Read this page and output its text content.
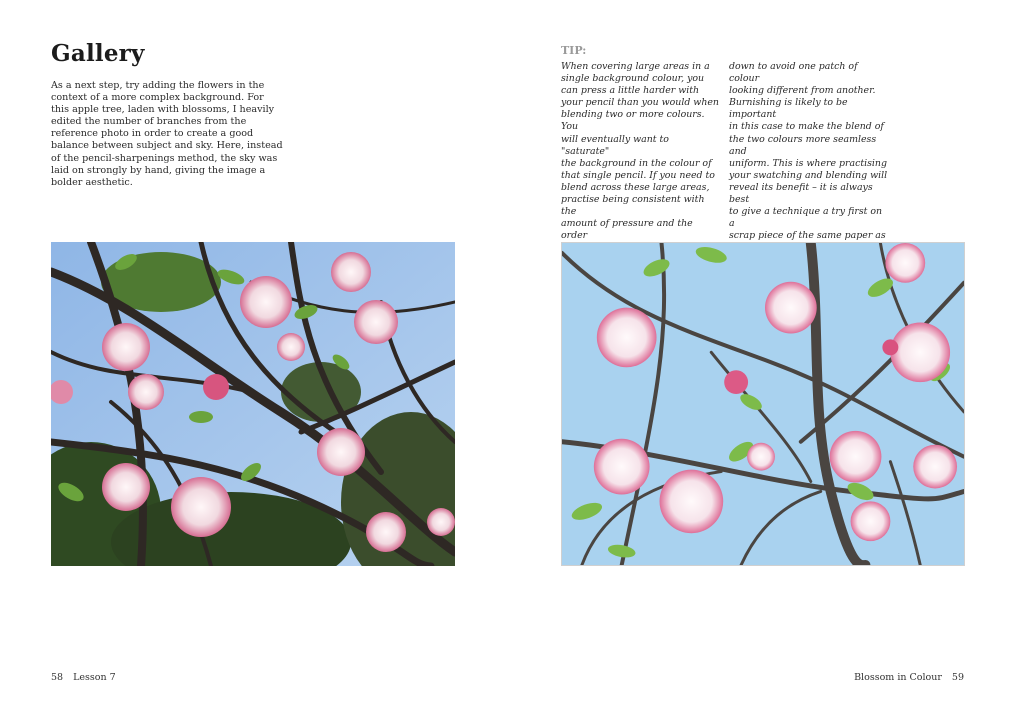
Gallery

As a next step, try adding the flowers in the context of a more complex background. For this apple tree, laden with blossoms, I heavily edited the number of branches from the reference photo in order to create a good balance between subject and sky. Here, instead of the pencil-sharpenings method, the sky was laid on strongly by hand, giving the image a bolder aesthetic.

58 Lesson 7
TIP:

When covering large areas in a
single background colour, you
can press a little harder with
your pencil than you would when
blending two or more colours. You
will eventually want to "saturate"
the background in the colour of
that single pencil. If you need to
blend across these large areas,
practise being consistent with the
amount of pressure and the order

down to avoid one patch of colour
looking different from another.
Burnishing is likely to be important
in this case to make the blend of
the two colours more seamless and
uniform. This is where practising
your swatching and blending will
reveal its benefit – it is always best
to give a technique a try first on a
scrap piece of the same paper as

Blossom in Colour 59
